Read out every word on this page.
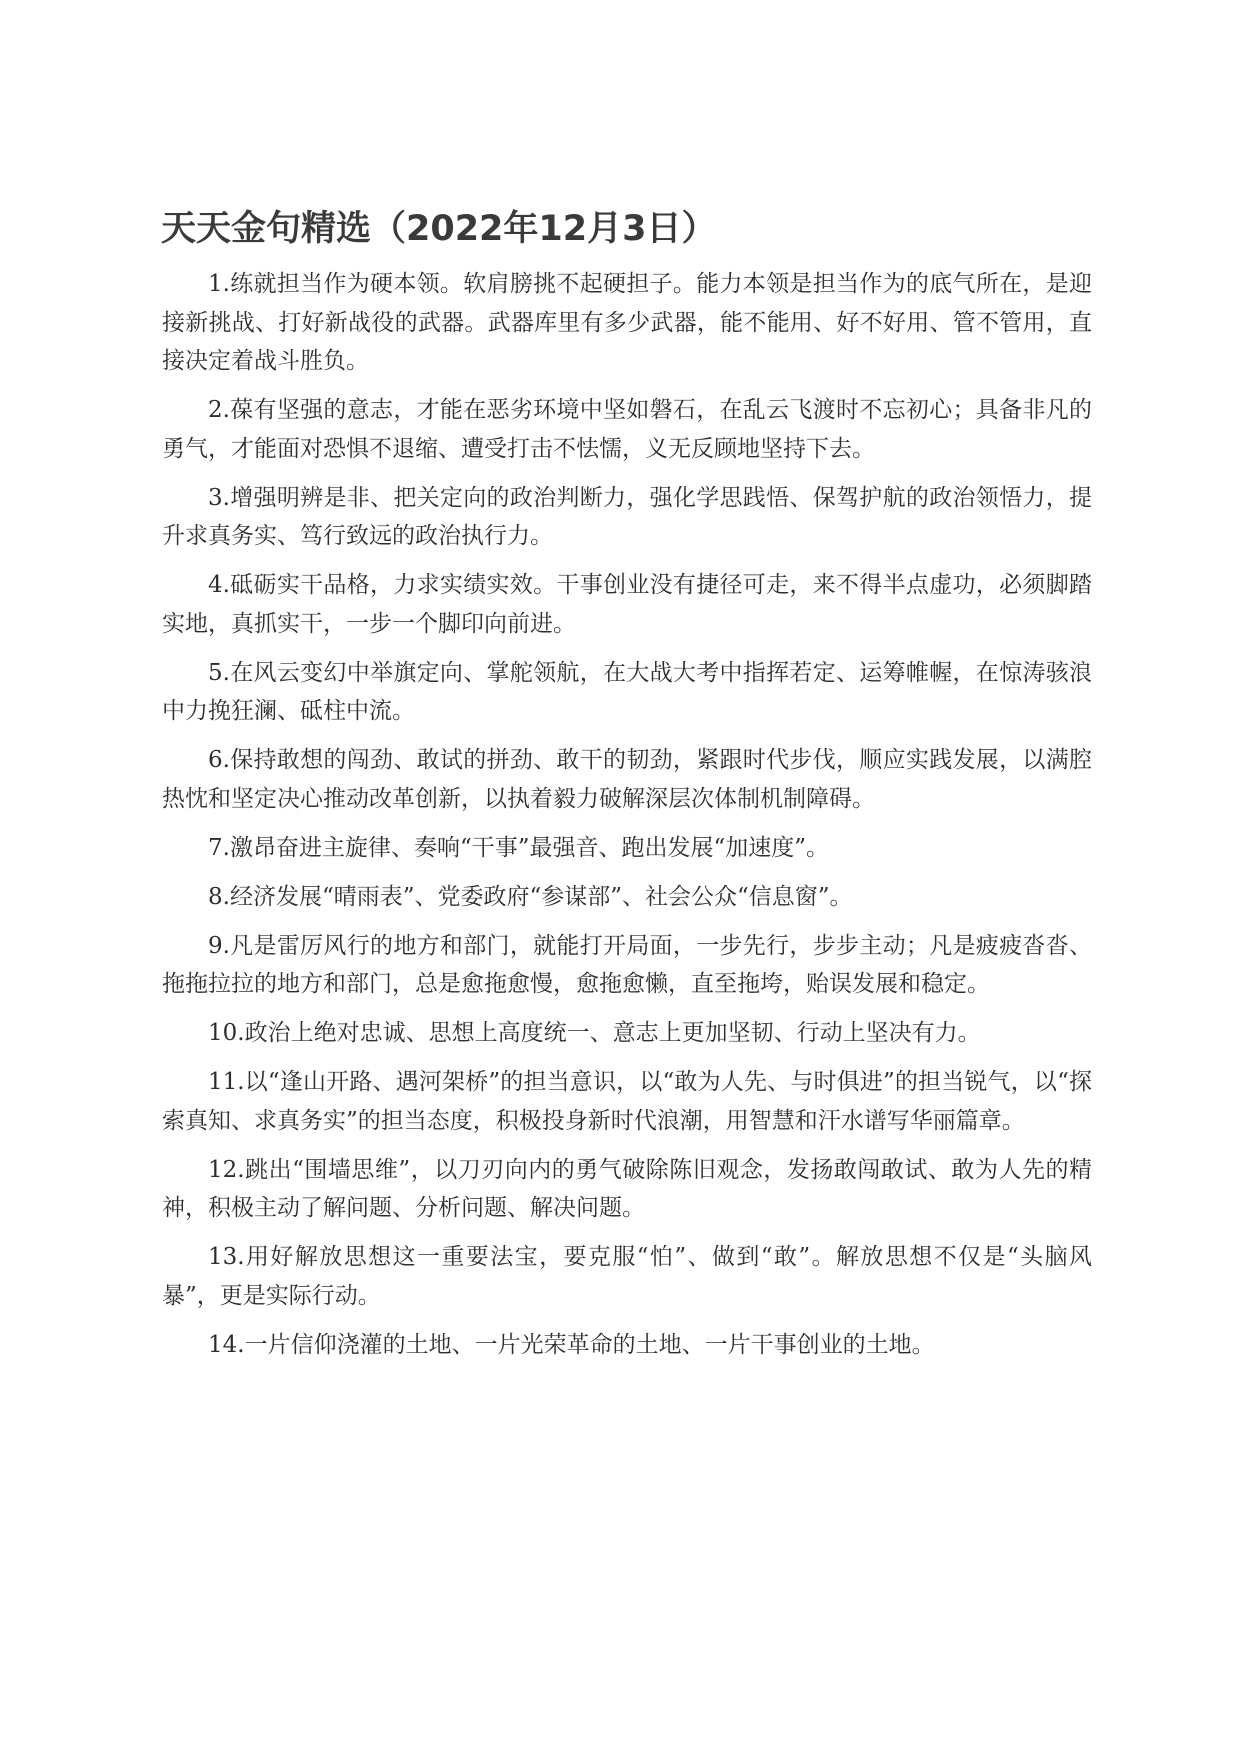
天天金句精选（2022年12月3日）

1.练就担当作为硬本领。软肩膀挑不起硬担子。能力本领是担当作为的底气所在，是迎接新挑战、打好新战役的武器。武器库里有多少武器，能不能用、好不好用、管不管用，直接决定着战斗胜负。

2.葆有坚强的意志，才能在恶劣环境中坚如磐石，在乱云飞渡时不忘初心；具备非凡的勇气，才能面对恐惧不退缩、遭受打击不怯懦，义无反顾地坚持下去。

3.增强明辨是非、把关定向的政治判断力，强化学思践悟、保驾护航的政治领悟力，提升求真务实、笃行致远的政治执行力。

4.砥砺实干品格，力求实绩实效。干事创业没有捷径可走，来不得半点虚功，必须脚踏实地，真抓实干，一步一个脚印向前进。

5.在风云变幻中举旗定向、掌舵领航，在大战大考中指挥若定、运筹帷幄，在惊涛骇浪中力挽狂澜、砥柱中流。

6.保持敢想的闯劲、敢试的拼劲、敢干的韧劲，紧跟时代步伐，顺应实践发展，以满腔热忱和坚定决心推动改革创新，以执着毅力破解深层次体制机制障碍。

7.激昂奋进主旋律、奏响“干事”最强音、跑出发展“加速度”。

8.经济发展“晴雨表”、党委政府“参谋部”、社会公众“信息窗”。

9.凡是雷厉风行的地方和部门，就能打开局面，一步先行，步步主动；凡是疲疲沓沓、拖拖拉拉的地方和部门，总是愈拖愈慢，愈拖愈懒，直至拖垮，贻误发展和稳定。

10.政治上绝对忠诚、思想上高度统一、意志上更加坚韧、行动上坚决有力。

11.以“逢山开路、遇河架桥”的担当意识，以“敢为人先、与时俱进”的担当锐气，以“探索真知、求真务实”的担当态度，积极投身新时代浪潮，用智慧和汗水谱写华丽篇章。

12.跳出“围墙思维”，以刀刃向内的勇气破除陈旧观念，发扬敢闯敢试、敢为人先的精神，积极主动了解问题、分析问题、解决问题。

13.用好解放思想这一重要法宝，要克服“怕”、做到“敢”。解放思想不仅是“头脑风暴”，更是实际行动。

14.一片信仰浇灌的土地、一片光荣革命的土地、一片干事创业的土地。
